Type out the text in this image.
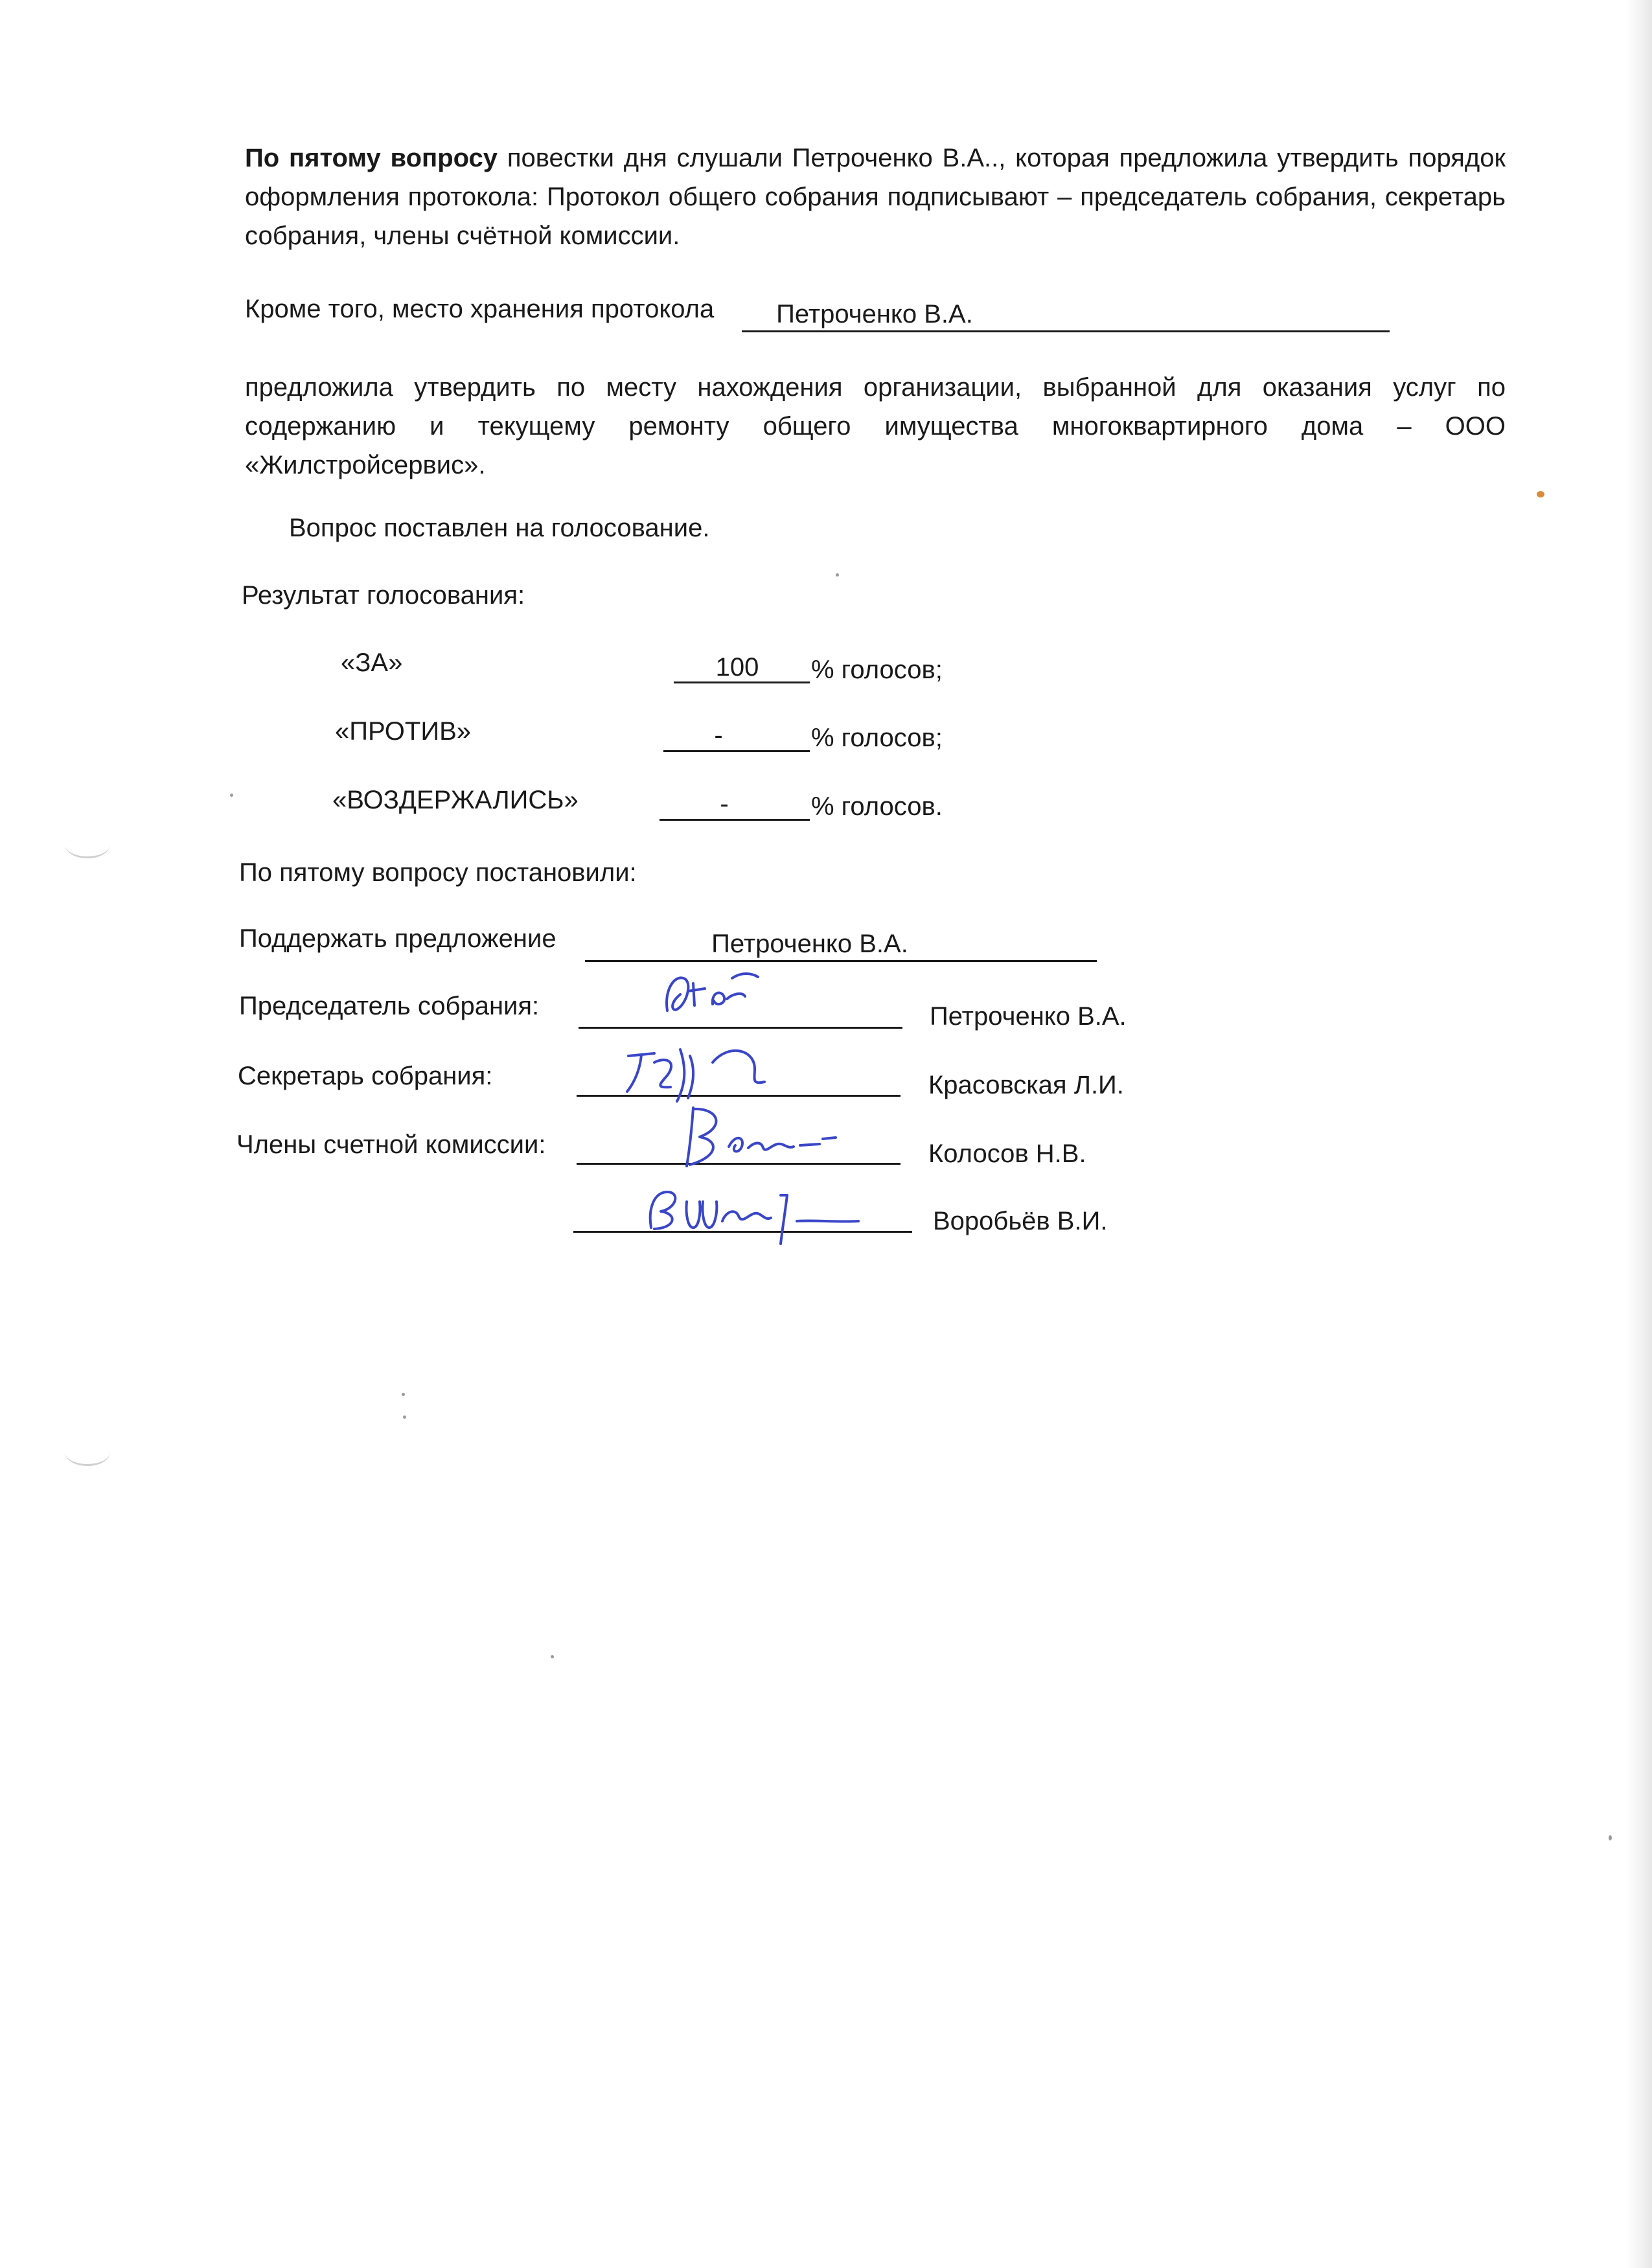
По пятому вопросу повестки дня слушали Петроченко В.А.., которая предложила утвердить порядок оформления протокола: Протокол общего собрания подписывают – председатель собрания, секретарь собрания, члены счётной комиссии.
Кроме того, место хранения протокола	Петроченко В.А.
предложила утвердить по месту нахождения организации, выбранной для оказания услуг по содержанию и текущему ремонту общего имущества многоквартирного дома – ООО «Жилстройсервис».
Вопрос поставлен на голосование.
Результат голосования:
«ЗА»	100	% голосов;
«ПРОТИВ»	-	% голосов;
«ВОЗДЕРЖАЛИСЬ»	-	% голосов.
По пятому вопросу постановили:
Поддержать предложение	Петроченко В.А.
Председатель собрания:	Петроченко В.А.
Секретарь собрания:	Красовская Л.И.
Члены счетной комиссии:	Колосов Н.В.
Воробьёв В.И.
